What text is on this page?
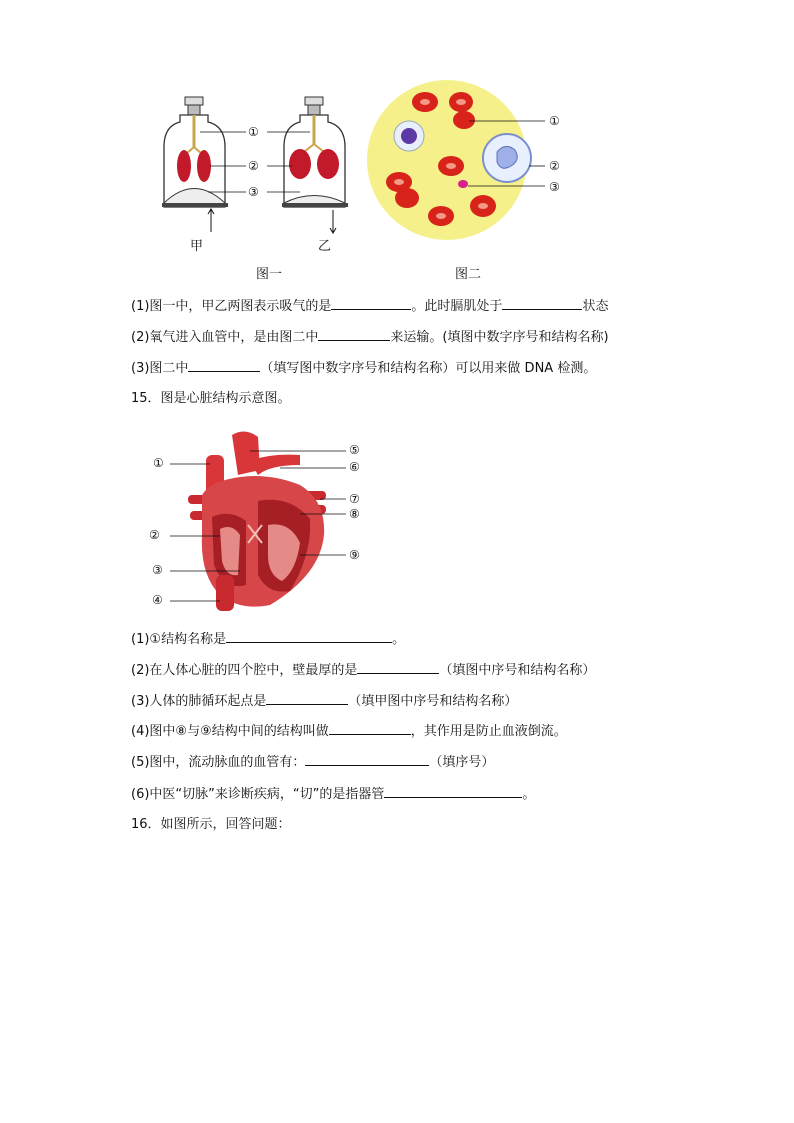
①
②
③
甲	乙
图一
①
②
③
图二
(1)图一中，甲乙两图表示吸气的是	。此时膈肌处于	状态
(2)氧气进入血管中，是由图二中	来运输。(填图中数字序号和结构名称)
(3)图二中	（填写图中数字序号和结构名称）可以用来做 DNA 检测。
15．图是心脏结构示意图。
①
②
③
④
⑤
⑥
⑦
⑧
⑨
(1)①结构名称是	。
(2)在人体心脏的四个腔中，壁最厚的是	（填图中序号和结构名称）
(3)人体的肺循环起点是	（填甲图中序号和结构名称）
(4)图中⑧与⑨结构中间的结构叫做	，其作用是防止血液倒流。
(5)图中，流动脉血的血管有：	（填序号）
(6)中医“切脉”来诊断疾病，“切”的是指器管	。
16．如图所示，回答问题：
